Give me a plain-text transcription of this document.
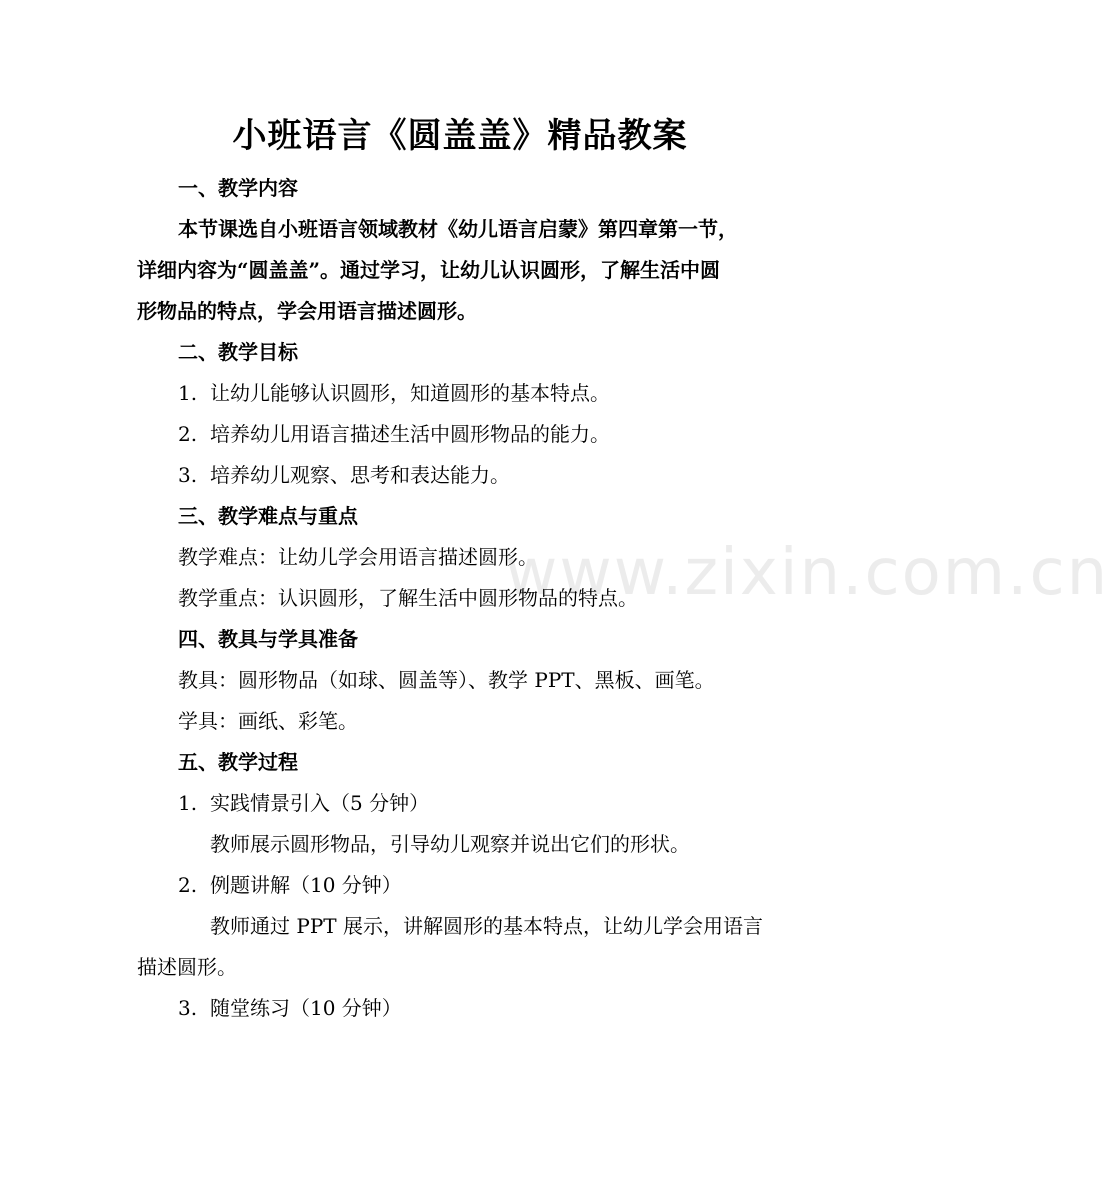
www.zixin.com.cn
小班语言《圆盖盖》精品教案
一、教学内容
本节课选自小班语言领域教材《幼儿语言启蒙》第四章第一节，
详细内容为“圆盖盖”。通过学习，让幼儿认识圆形，了解生活中圆
形物品的特点，学会用语言描述圆形。
二、教学目标
1. 让幼儿能够认识圆形，知道圆形的基本特点。
2. 培养幼儿用语言描述生活中圆形物品的能力。
3. 培养幼儿观察、思考和表达能力。
三、教学难点与重点
教学难点：让幼儿学会用语言描述圆形。
教学重点：认识圆形，了解生活中圆形物品的特点。
四、教具与学具准备
教具：圆形物品（如球、圆盖等）、教学 PPT、黑板、画笔。
学具：画纸、彩笔。
五、教学过程
1. 实践情景引入（5 分钟）
教师展示圆形物品，引导幼儿观察并说出它们的形状。
2. 例题讲解（10 分钟）
教师通过 PPT 展示，讲解圆形的基本特点，让幼儿学会用语言
描述圆形。
3. 随堂练习（10 分钟）
